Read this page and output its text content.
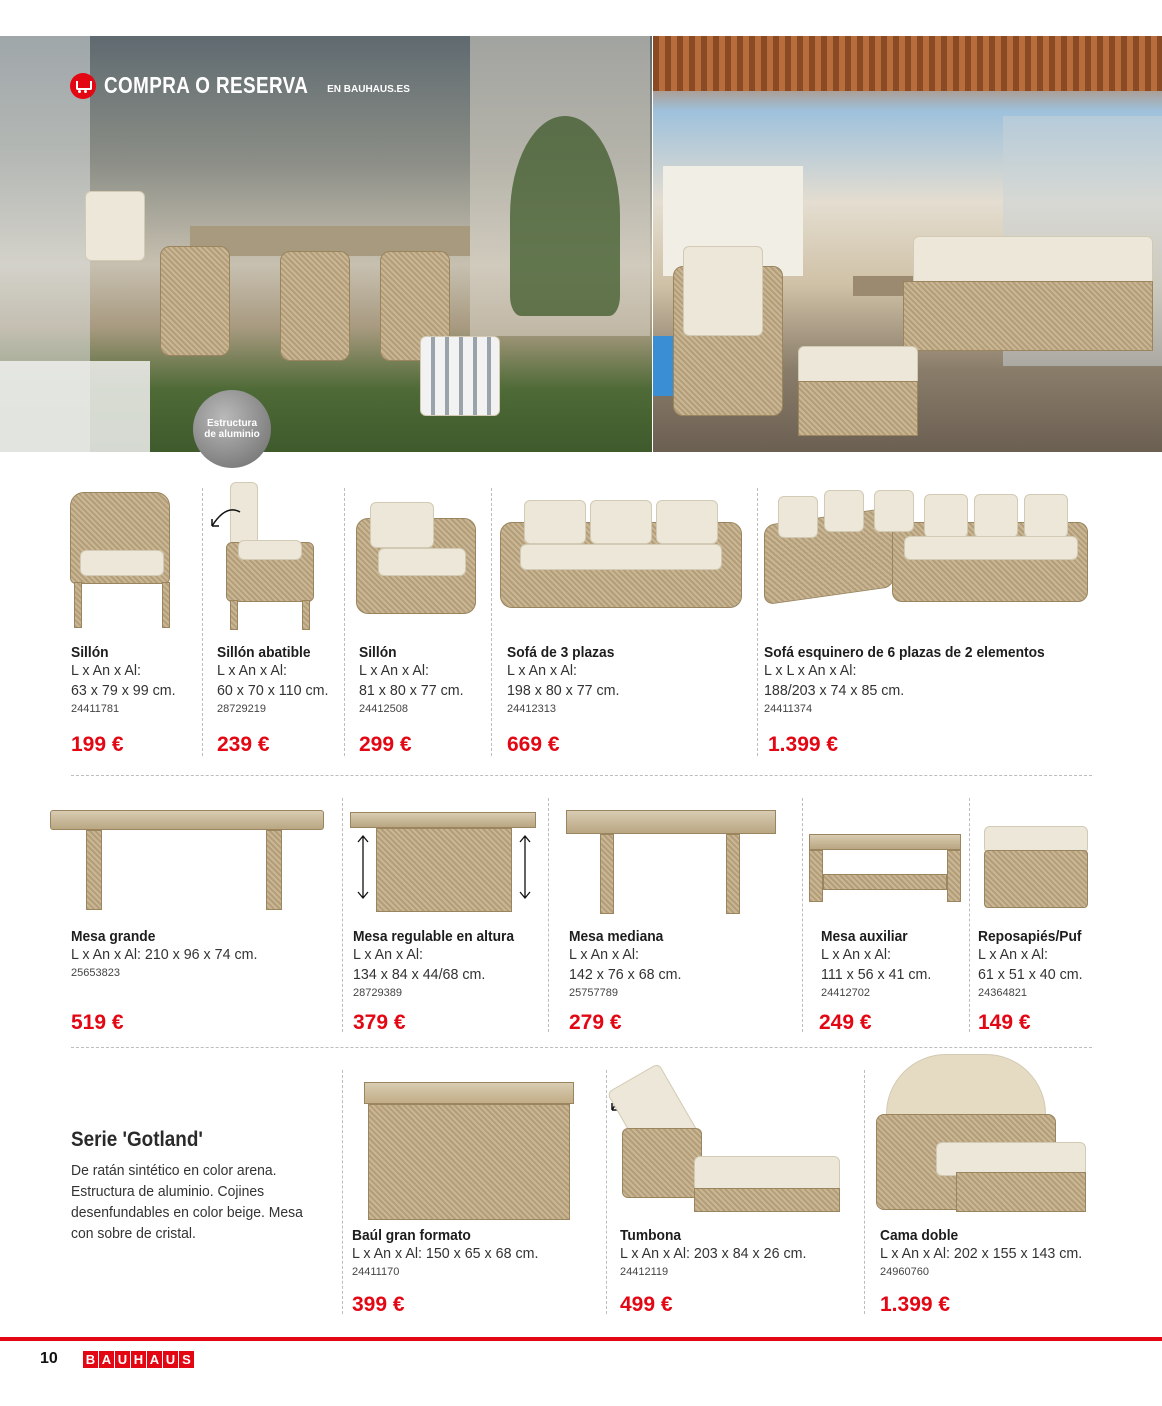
COMPRA O RESERVA EN BAUHAUS.ES
Estructura de aluminio
Sillón
L x An x Al:
63 x 79 x 99 cm.
24411781
199 €
Sillón abatible
L x An x Al:
60 x 70 x 110 cm.
28729219
239 €
Sillón
L x An x Al:
81 x 80 x 77 cm.
24412508
299 €
Sofá de 3 plazas
L x An x Al:
198 x 80 x 77 cm.
24412313
669 €
Sofá esquinero de 6 plazas de 2 elementos
L x L x An x Al:
188/203 x 74 x 85 cm.
24411374
1.399 €
Mesa grande
L x An x Al: 210 x 96 x 74 cm.
25653823
519 €
Mesa regulable en altura
L x An x Al:
134 x 84 x 44/68 cm.
28729389
379 €
Mesa mediana
L x An x Al:
142 x 76 x 68 cm.
25757789
279 €
Mesa auxiliar
L x An x Al:
111 x 56 x 41 cm.
24412702
249 €
Reposapiés/Puf
L x An x Al:
61 x 51 x 40 cm.
24364821
149 €
Serie 'Gotland'
De ratán sintético en color arena. Estructura de aluminio. Cojines desenfundables en color beige. Mesa con sobre de cristal.	Baúl gran formato
L x An x Al: 150 x 65 x 68 cm.
24411170
399 €
Tumbona
L x An x Al: 203 x 84 x 26 cm.
24412119
499 €
Cama doble
L x An x Al: 202 x 155 x 143 cm.
24960760
1.399 €
10 B A U H A U S
